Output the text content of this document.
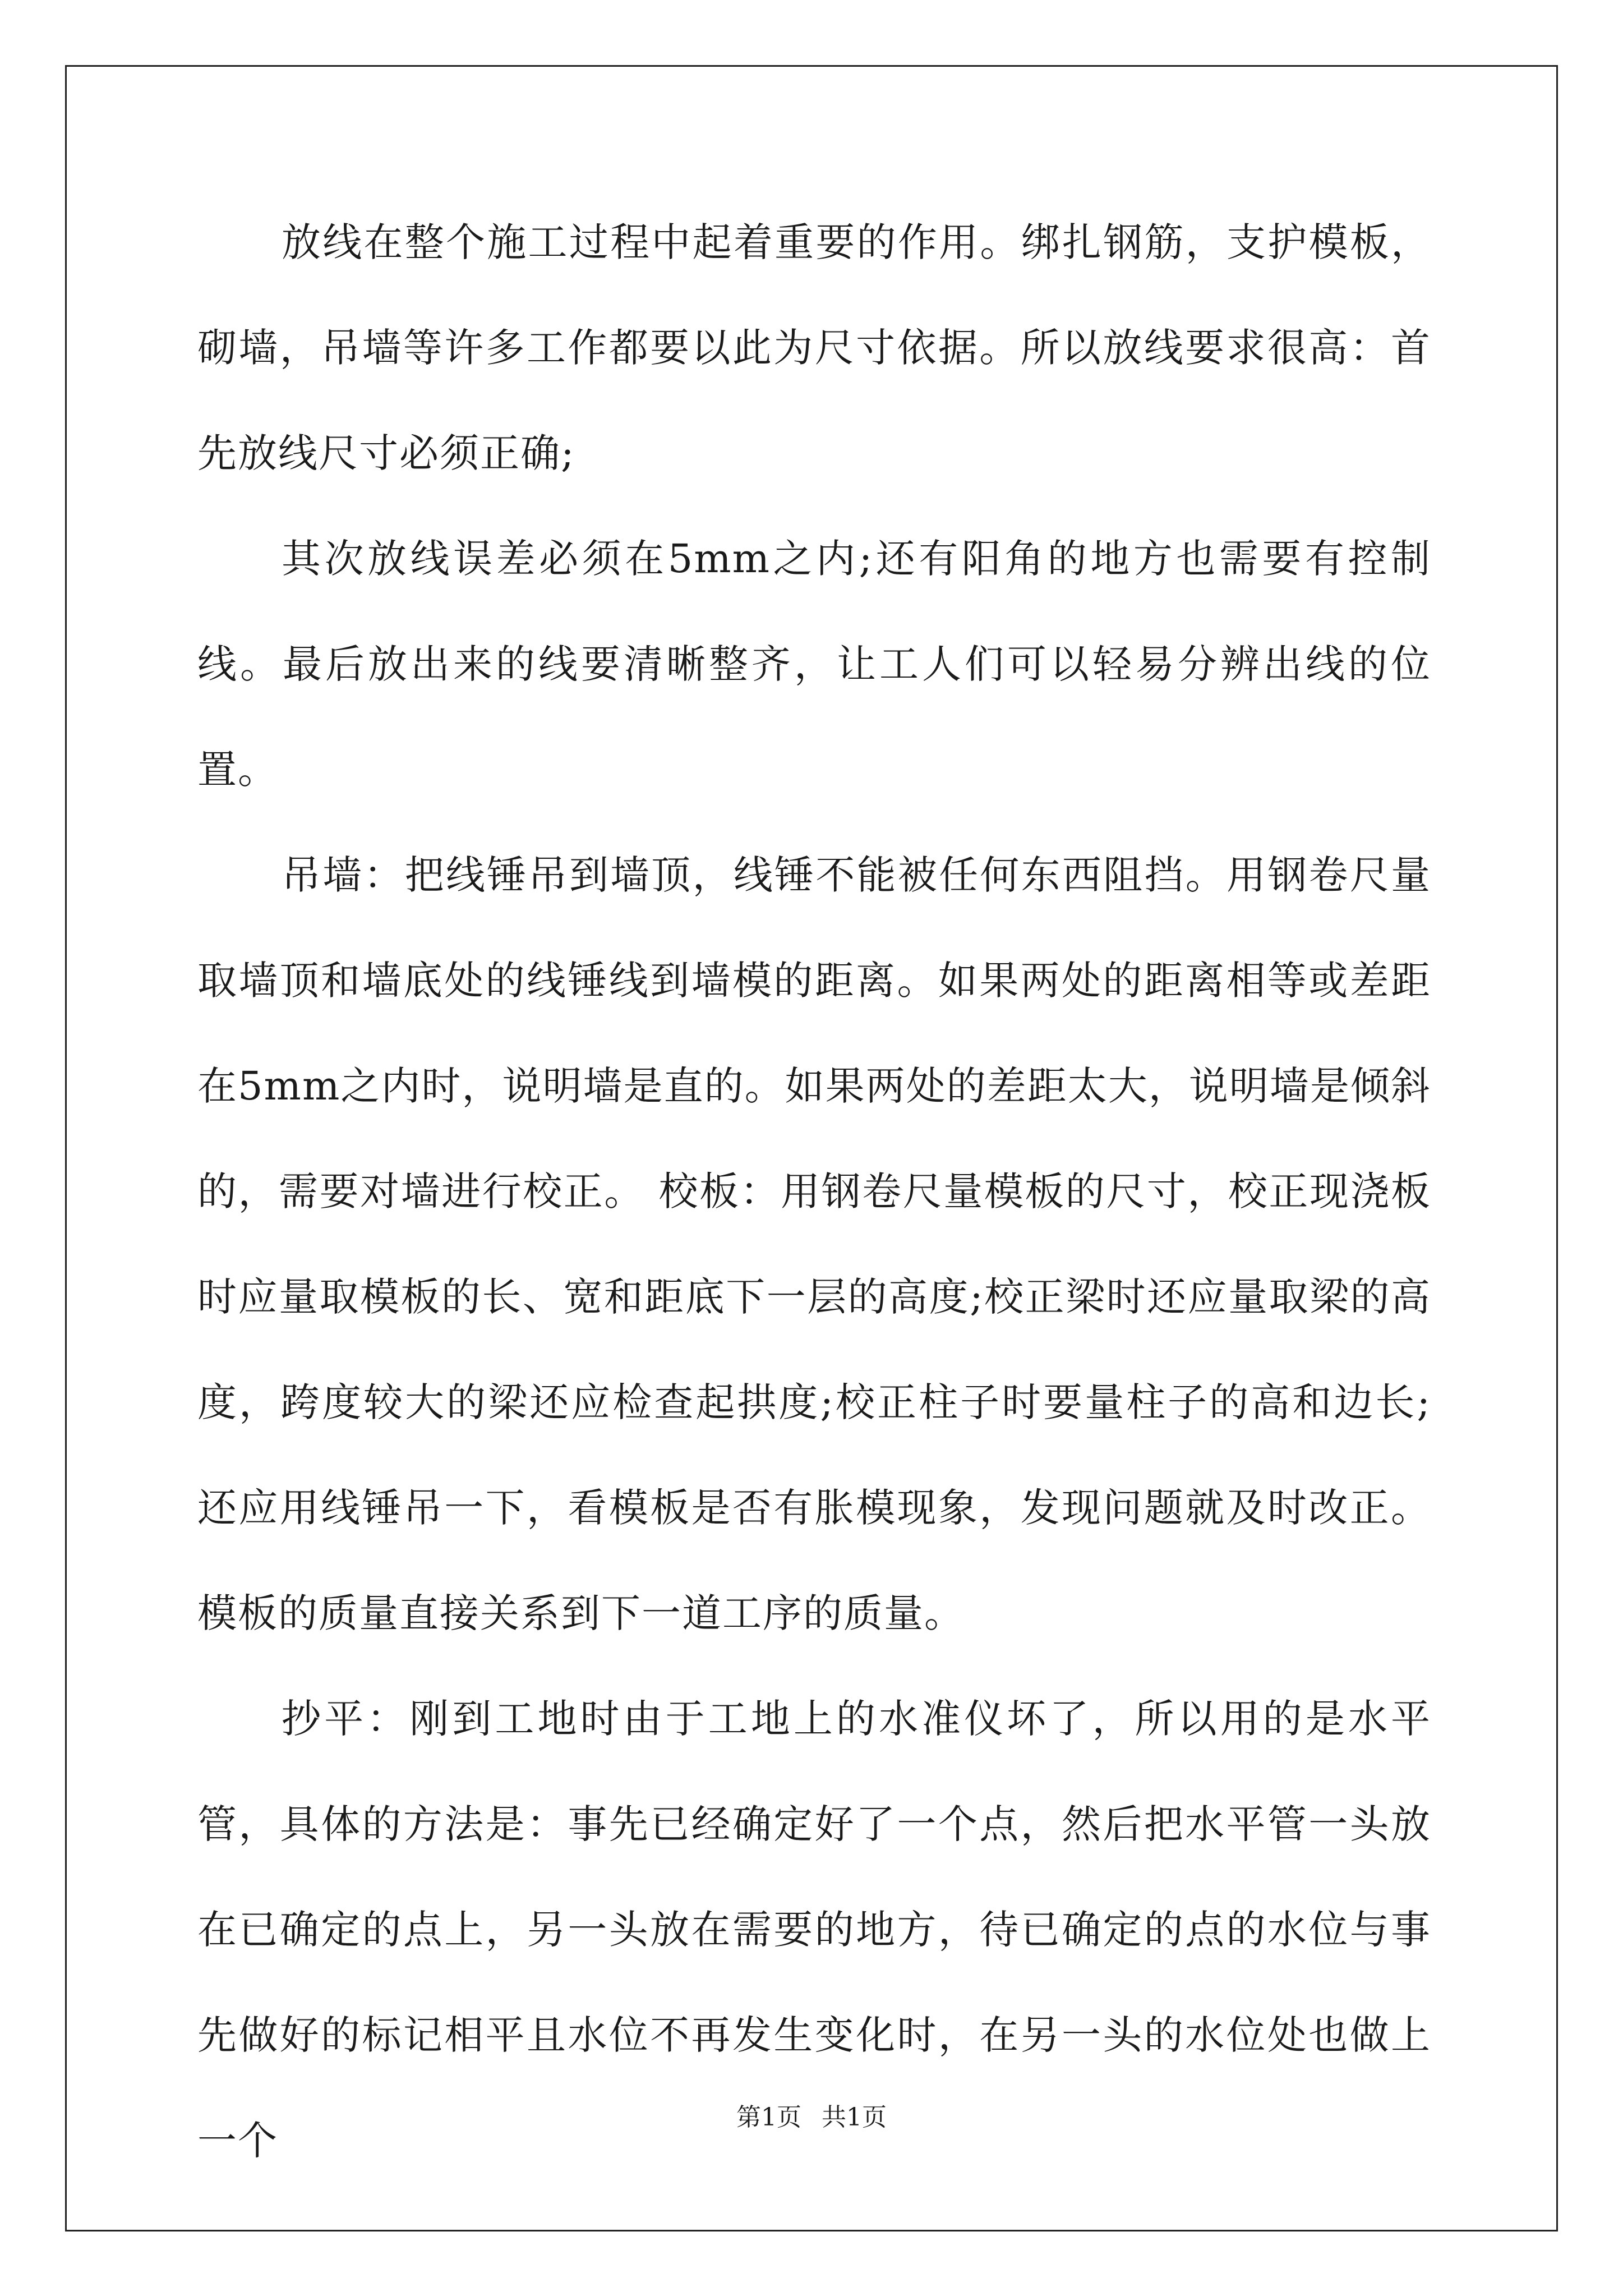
放线在整个施工过程中起着重要的作用。绑扎钢筋，支护模板，砌墙，吊墙等许多工作都要以此为尺寸依据。所以放线要求很高：首先放线尺寸必须正确;

其次放线误差必须在5mm之内;还有阳角的地方也需要有控制线。最后放出来的线要清晰整齐，让工人们可以轻易分辨出线的位置。

吊墙：把线锤吊到墙顶，线锤不能被任何东西阻挡。用钢卷尺量取墙顶和墙底处的线锤线到墙模的距离。如果两处的距离相等或差距在5mm之内时，说明墙是直的。如果两处的差距太大，说明墙是倾斜的，需要对墙进行校正。 校板：用钢卷尺量模板的尺寸，校正现浇板时应量取模板的长、宽和距底下一层的高度;校正梁时还应量取梁的高度，跨度较大的梁还应检查起拱度;校正柱子时要量柱子的高和边长;还应用线锤吊一下，看模板是否有胀模现象，发现问题就及时改正。模板的质量直接关系到下一道工序的质量。

抄平：刚到工地时由于工地上的水准仪坏了，所以用的是水平管，具体的方法是：事先已经确定好了一个点，然后把水平管一头放在已确定的点上，另一头放在需要的地方，待已确定的点的水位与事先做好的标记相平且水位不再发生变化时，在另一头的水位处也做上一个

第1页 共1页
